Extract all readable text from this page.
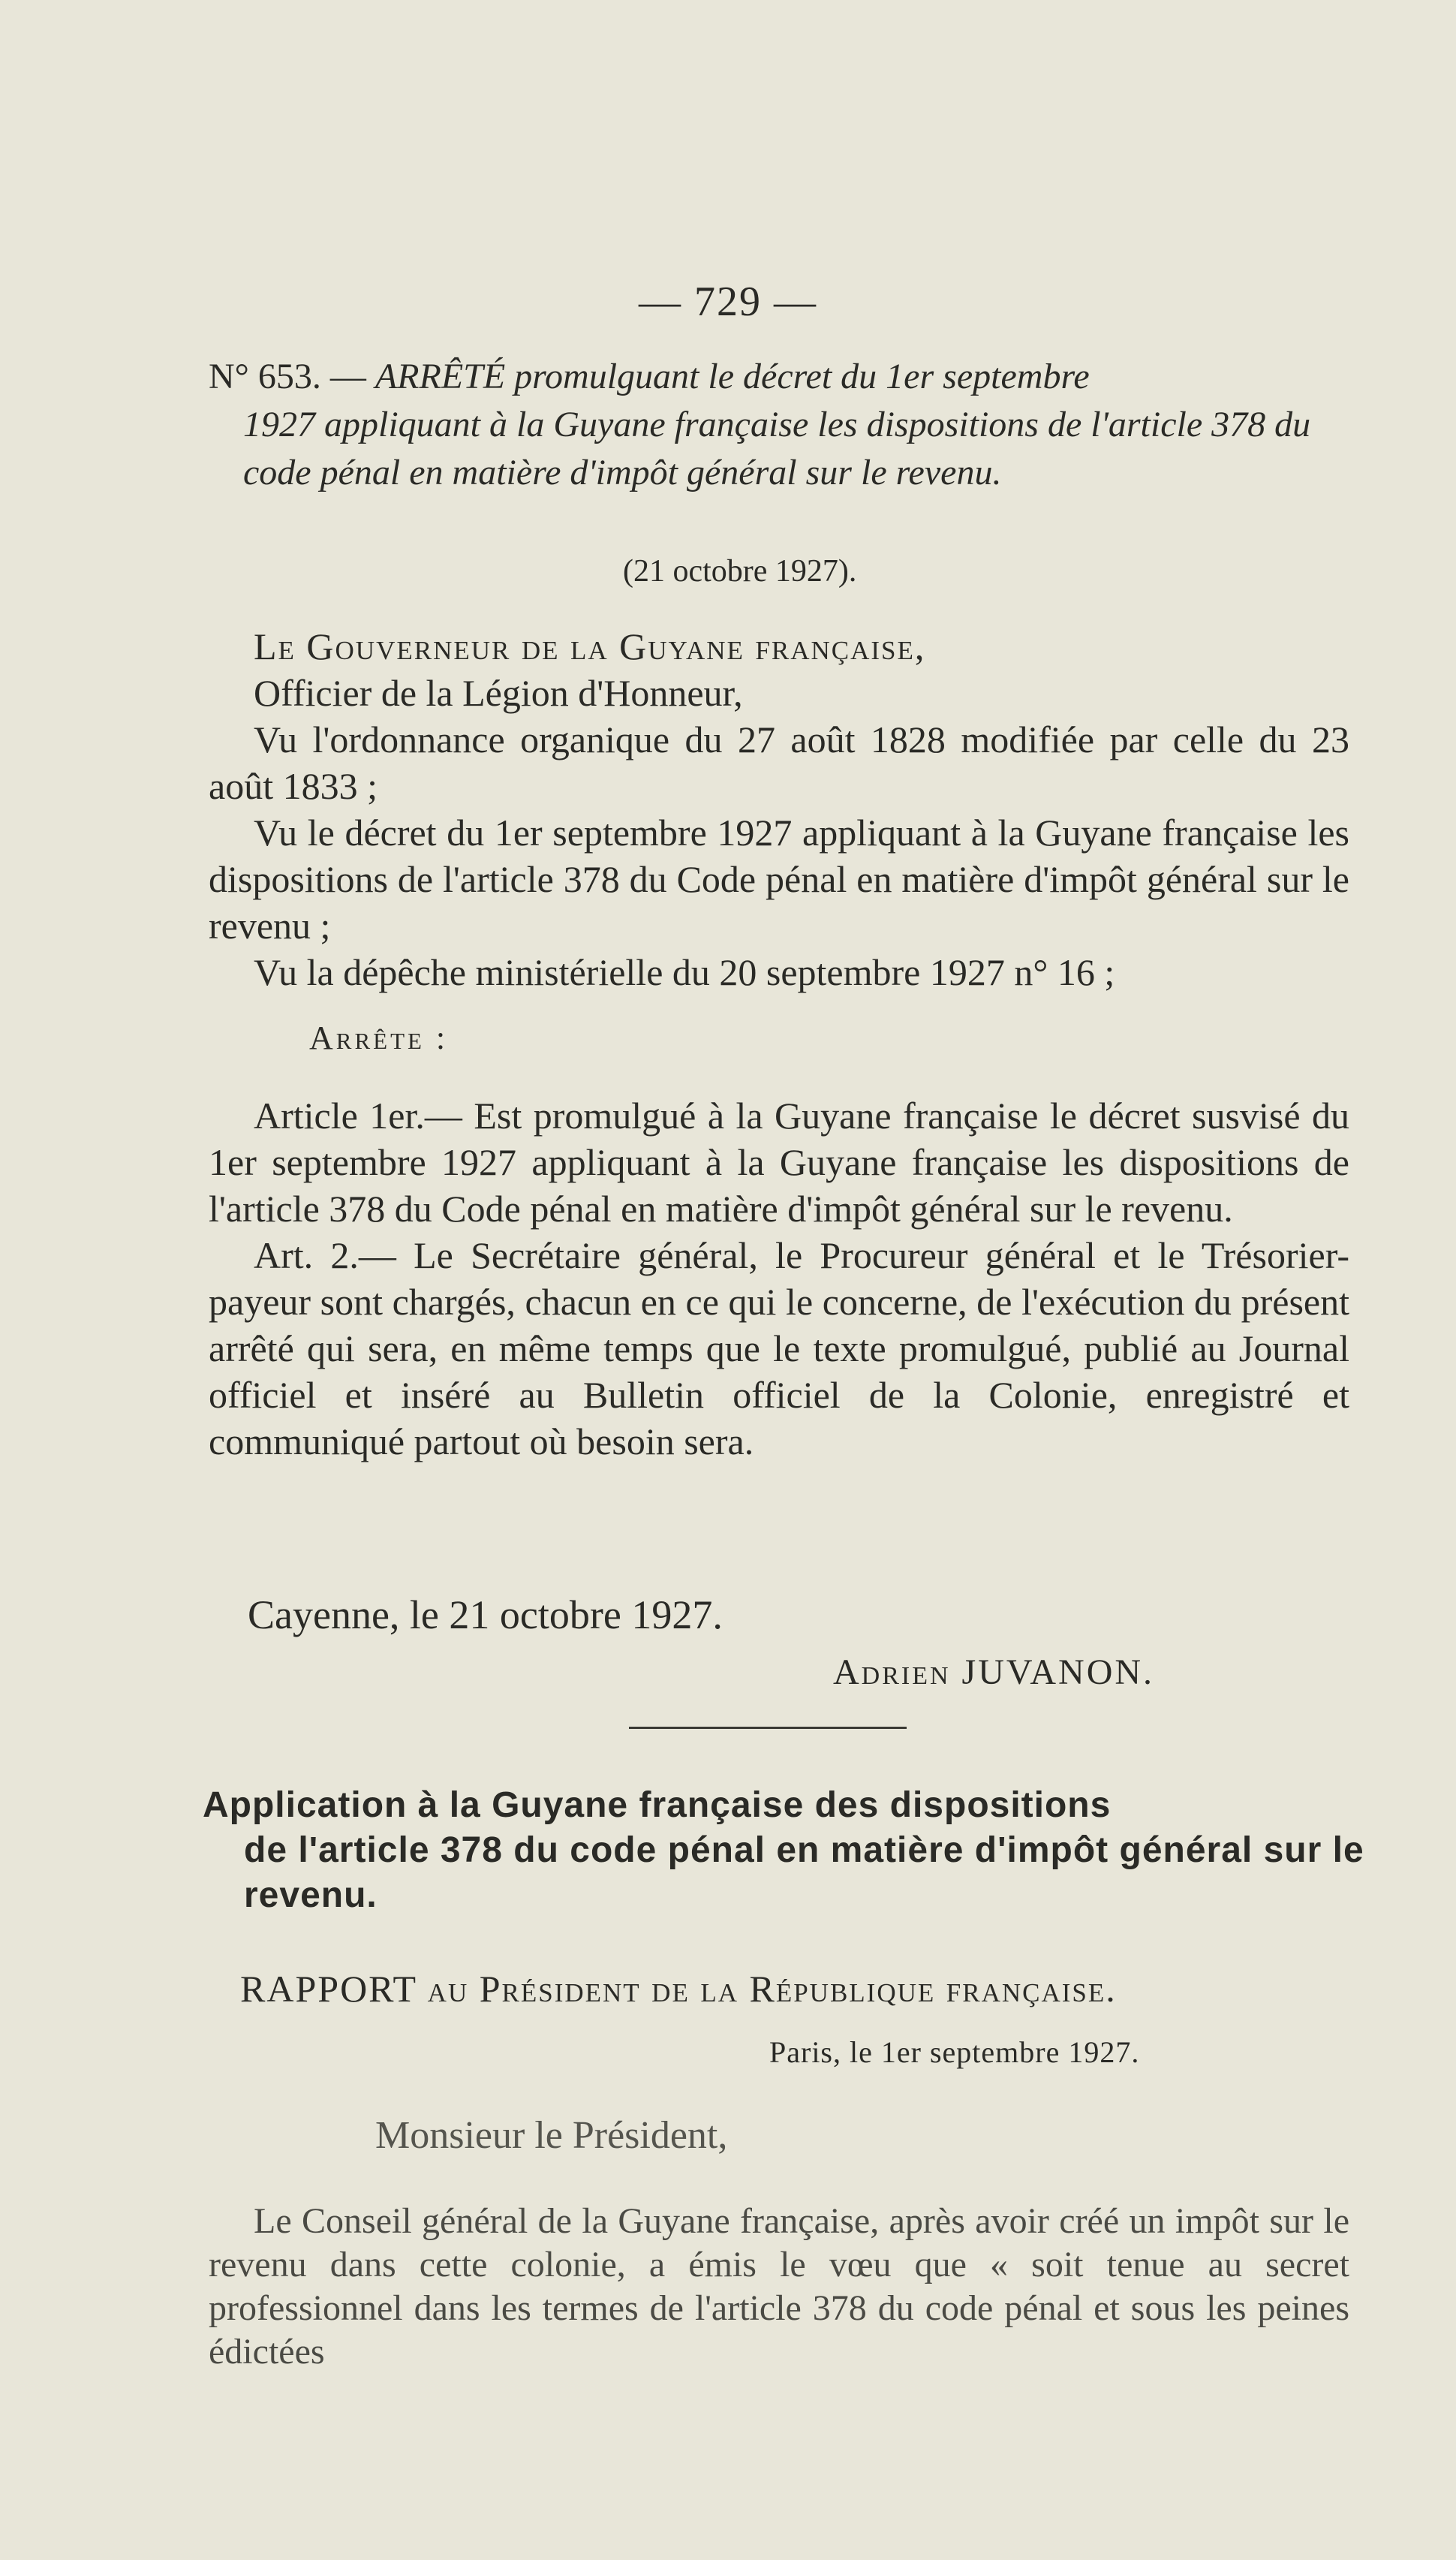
— 729 —
N° 653. — ARRÊTÉ promulguant le décret du 1er septembre
1927 appliquant à la Guyane française les dispositions de l'article 378 du code pénal en matière d'impôt général sur le revenu.
(21 octobre 1927).

Le Gouverneur de la Guyane française,

Officier de la Légion d'Honneur,

Vu l'ordonnance organique du 27 août 1828 modifiée par celle du 23 août 1833 ;

Vu le décret du 1er septembre 1927 appliquant à la Guyane française les dispositions de l'article 378 du Code pénal en matière d'impôt général sur le revenu ;

Vu la dépêche ministérielle du 20 septembre 1927 n° 16 ;

Arrête :

Article 1er.— Est promulgué à la Guyane française le décret susvisé du 1er septembre 1927 appliquant à la Guyane française les dispositions de l'article 378 du Code pénal en matière d'impôt général sur le revenu.

Art. 2.— Le Secrétaire général, le Procureur général et le Trésorier-payeur sont chargés, chacun en ce qui le concerne, de l'exécution du présent arrêté qui sera, en même temps que le texte promulgué, publié au Journal officiel et inséré au Bulletin officiel de la Colonie, enregistré et communiqué partout où besoin sera.

Cayenne, le 21 octobre 1927.
Adrien JUVANON.
Application à la Guyane française des dispositions
de l'article 378 du code pénal en matière d'impôt général sur le revenu.
RAPPORT au Président de la République française.
Paris, le 1er septembre 1927.
Monsieur le Président,

Le Conseil général de la Guyane française, après avoir créé un impôt sur le revenu dans cette colonie, a émis le vœu que « soit tenue au secret professionnel dans les termes de l'article 378 du code pénal et sous les peines édictées
